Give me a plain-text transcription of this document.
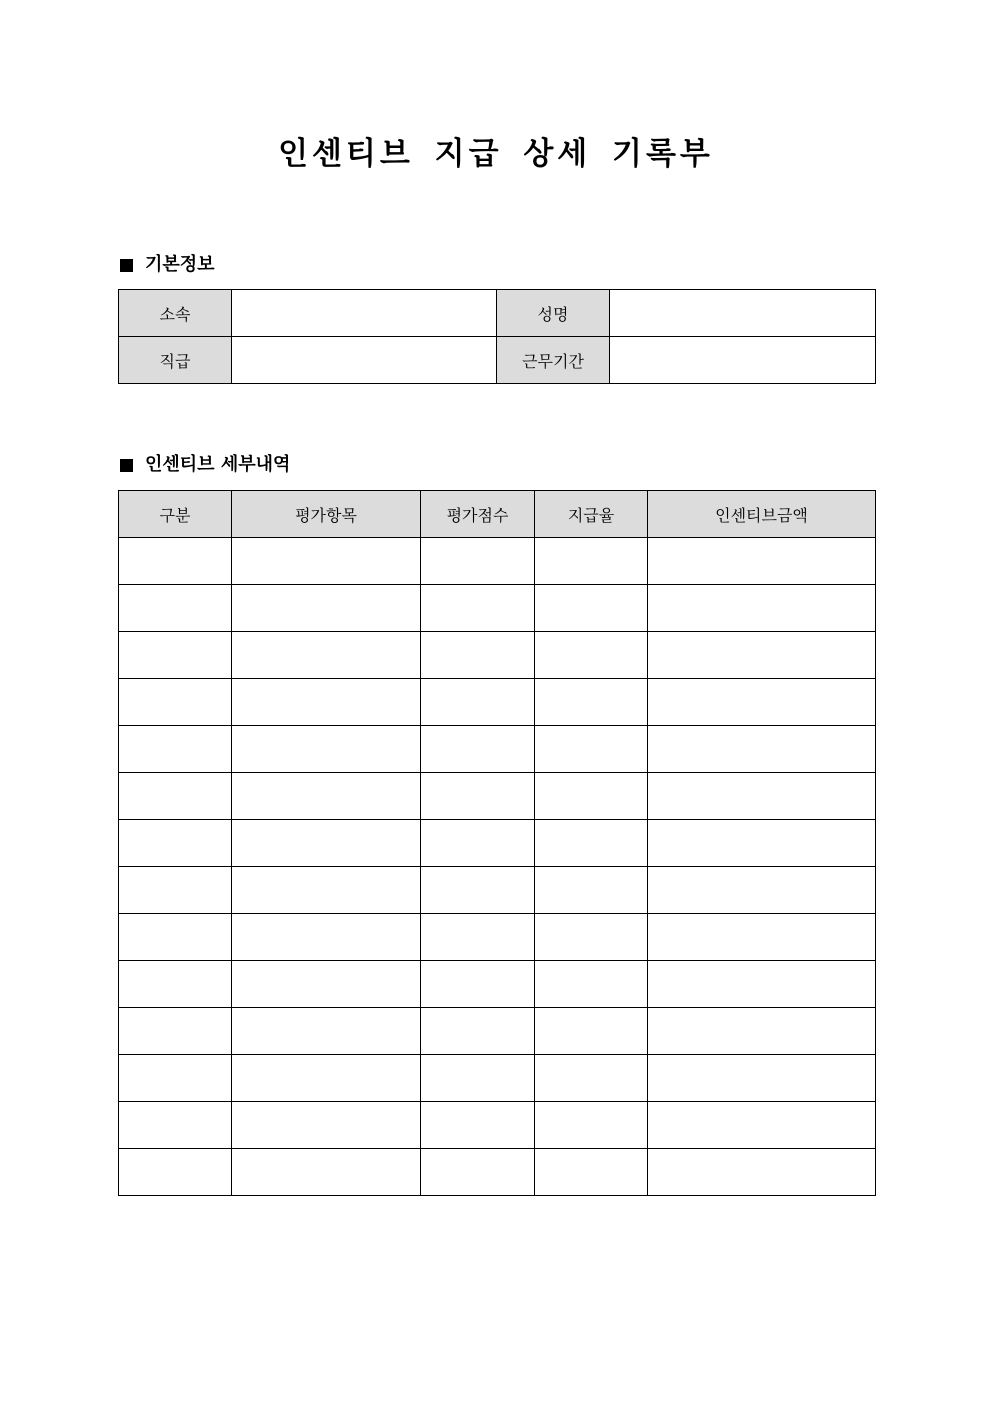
인센티브 지급 상세 기록부
기본정보
소속		성명	
직급		근무기간	
인센티브 세부내역
구분	평가항목	평가점수	지급율	인센티브금액
